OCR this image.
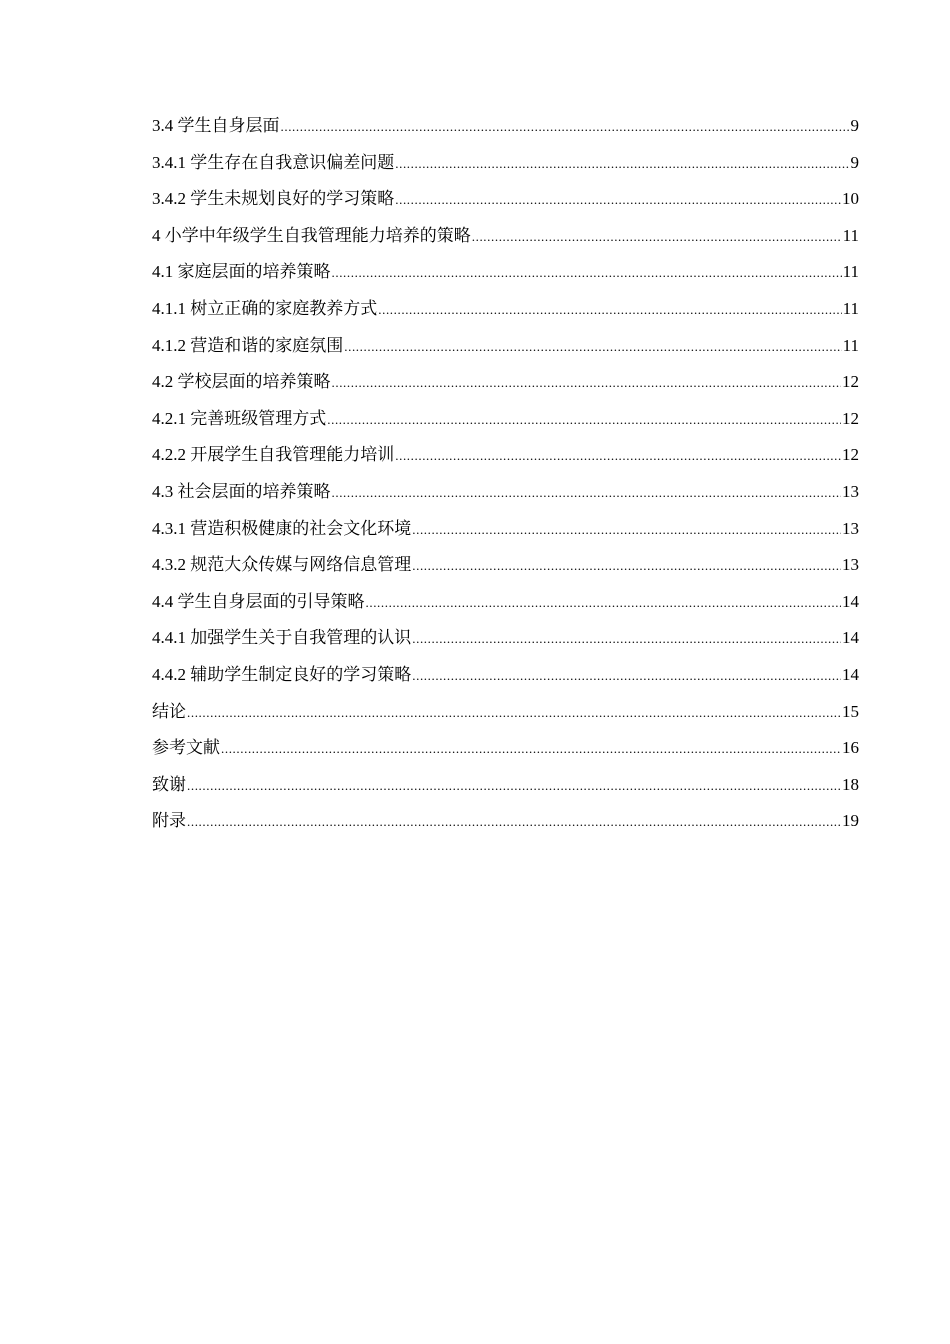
3.4 学生自身层面 .....	9
3.4.1 学生存在自我意识偏差问题 .....	9
3.4.2 学生未规划良好的学习策略 .....	10
4 小学中年级学生自我管理能力培养的策略 .....	11
4.1 家庭层面的培养策略 .....	11
4.1.1 树立正确的家庭教养方式 .....	11
4.1.2 营造和谐的家庭氛围 .....	11
4.2 学校层面的培养策略 .....	12
4.2.1 完善班级管理方式 .....	12
4.2.2 开展学生自我管理能力培训 .....	12
4.3 社会层面的培养策略 .....	13
4.3.1 营造积极健康的社会文化环境 .....	13
4.3.2 规范大众传媒与网络信息管理 .....	13
4.4 学生自身层面的引导策略 .....	14
4.4.1 加强学生关于自我管理的认识 .....	14
4.4.2 辅助学生制定良好的学习策略 .....	14
结论 .....	15
参考文献 .....	16
致谢 .....	18
附录 .....	19
